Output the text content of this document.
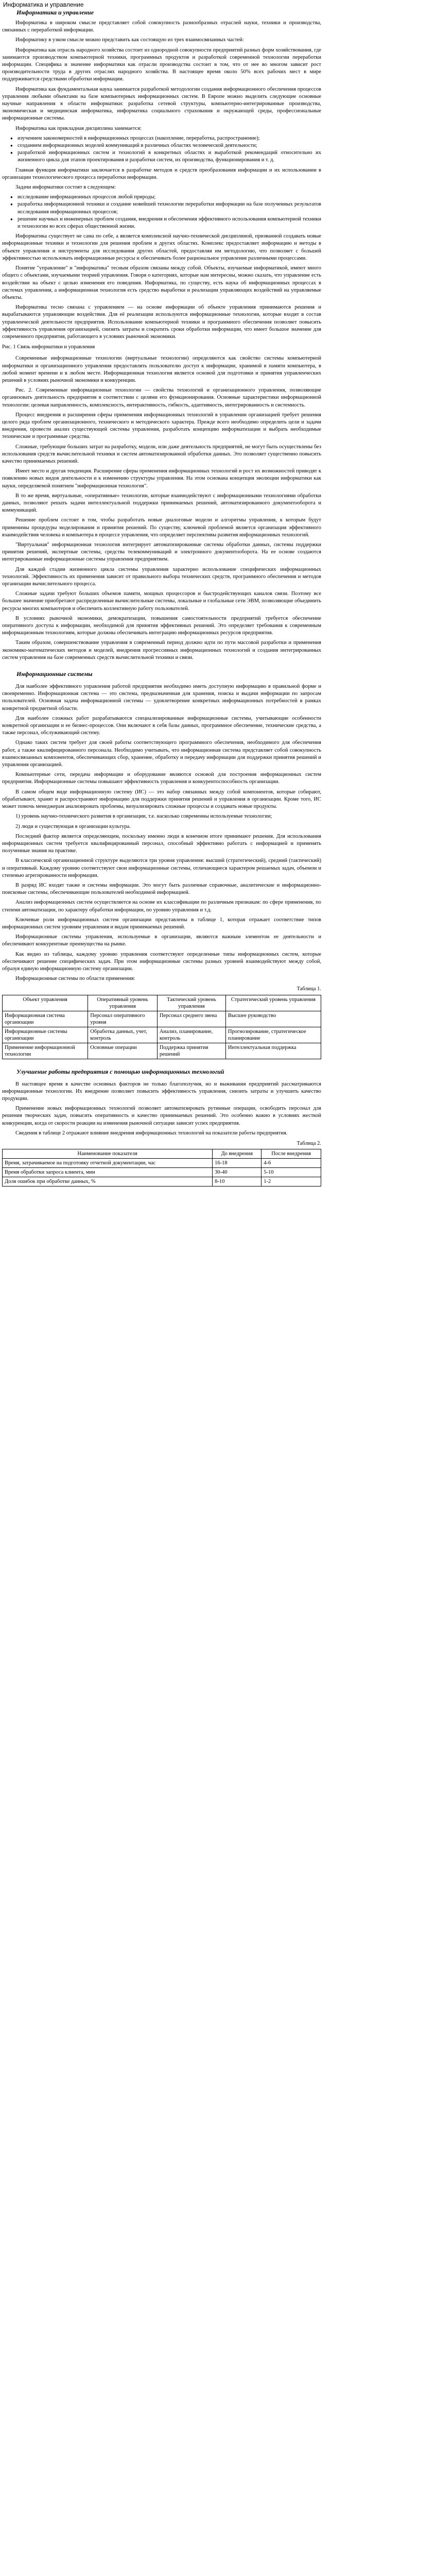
Информатика и управление
Информатика и управление

Информатика в широком смысле представляет собой совокупность разнообразных отраслей науки, техники и производства, связанных с переработкой информации.

Информатику в узком смысле можно представить как состоящую из трех взаимосвязанных частей:

Информатика как отрасль народного хозяйства состоит из однородной совокупности предприятий разных форм хозяйствования, где занимаются производством компьютерной техники, программных продуктов и разработкой современной технологии переработки информации. Специфика и значение информатики как отрасли производства состоит в том, что от нее во многом зависит рост производительности труда в других отраслях народного хозяйства. В настоящее время около 50% всех рабочих мест в мире поддерживается средствами обработки информации.

Информатика как фундаментальная наука занимается разработкой методологии создания информационного обеспечения процессов управления любыми объектами на базе компьютерных информационных систем. В Европе можно выделить следующие основные научные направления в области информатики: разработка сетевой структуры, компьютерно-интегрированные производства, экономическая и медицинская информатика, информатика социального страхования и окружающей среды, профессиональные информационные системы.

Информатика как прикладная дисциплина занимается:

● изучением закономерностей в информационных процессах (накопление, переработка, распространение);
● созданием информационных моделей коммуникаций в различных областях человеческой деятельности;
● разработкой информационных систем и технологий в конкретных областях и выработкой рекомендаций относительно их жизненного цикла для этапов проектирования и разработки систем, их производства, функционирования и т. д.

Главная функция информатики заключается в разработке методов и средств преобразования информации и их использовании в организации технологического процесса переработки информации.

Задачи информатики состоят в следующем:

● исследование информационных процессов любой природы;
● разработка информационной техники и создание новейшей технологии переработки информации на базе полученных результатов исследования информационных процессов;
● решение научных и инженерных проблем создания, внедрения и обеспечения эффективного использования компьютерной техники и технологии во всех сферах общественной жизни.

Информатика существует не сама по себе, а является комплексной научно-технической дисциплиной, призванной создавать новые информационные техники и технологии для решения проблем в других областях. Комплекс предоставляет информацию и методы в объекте управления и инструменты для исследования других областей, предоставляя им методологию, что позволяет с большей эффективностью использовать информационные ресурсы и обеспечивать более рациональное управление различными процессами.

Понятие "управление" и "информатика" тесным образом связаны между собой. Объекты, изучаемые информатикой, имеют много общего с объектами, изучаемыми теорией управления. Говоря о категориях, которые нам интересны, можно сказать, что управление есть воздействие на объект с целью изменения его поведения. Информатика, по существу, есть наука об информационных процессах в системах управления, а информационная технология есть средство выработки и реализации управляющих воздействий на управляемые объекты.

Информатика тесно связана с управлением — на основе информации об объекте управления принимаются решения и вырабатываются управляющие воздействия. Для её реализации используются информационные технологии, которые входят в состав управленческой деятельности предприятия. Использование компьютерной техники и программного обеспечения позволяет повысить эффективность управления организацией, снизить затраты и сократить сроки обработки информации, что имеет большое значение для современного предприятия, работающего в условиях рыночной экономики.

Рис. 1 Связь информатики и управления

Современные информационные технологии (виртуальные технологии) определяются как свойство системы компьютерной информатики и организационного управления предоставлять пользователю доступ к информации, хранимой в памяти компьютера, в любой момент времени и в любом месте. Информационная технология является основой для подготовки и принятия управленческих решений в условиях рыночной экономики и конкуренции.

Рис. 2. Современные информационные технологии — свойства технологий и организационного управления, позволяющие организовать деятельность предприятия в соответствии с целями его функционирования. Основные характеристики информационной технологии: целевая направленность, комплексность, интерактивность, гибкость, адаптивность, интегрированность и системность.

Процесс внедрения и расширения сферы применения информационных технологий в управлении организацией требует решения целого ряда проблем организационного, технического и методического характера. Прежде всего необходимо определить цели и задачи внедрения, провести анализ существующей системы управления, разработать концепцию информатизации и выбрать необходимые технические и программные средства.

Сложные, требующие больших затрат на разработку, модели, или даже деятельность предприятий, не могут быть осуществлены без использования средств вычислительной техники и систем автоматизированной обработки данных. Это позволяет существенно повысить качество принимаемых решений.

Имеет место и другая тенденция. Расширение сферы применения информационных технологий и рост их возможностей приводят к появлению новых видов деятельности и к изменению структуры управления. На этом основана концепция эволюции информатики как науки, определяемой понятием "информационная технология".

В то же время, виртуальные, «оперативные» технологии, которые взаимодействуют с информационными технологиями обработки данных, позволяют решать задачи интеллектуальной поддержки принимаемых решений, автоматизированного документооборота и коммуникаций.

Решение проблем состоит в том, чтобы разработать новые диалоговые модели и алгоритмы управления, к которым будут применимы процедуры моделирования и принятия решений. По существу, ключевой проблемой является организация эффективного взаимодействия человека и компьютера в процессе управления, что определяет перспективы развития информационных технологий.

"Виртуальная" информационная технология интегрирует автоматизированные системы обработки данных, системы поддержки принятия решений, экспертные системы, средства телекоммуникаций и электронного документооборота. На ее основе создаются интегрированные информационные системы управления предприятием.

Для каждой стадии жизненного цикла системы управления характерно использование специфических информационных технологий. Эффективность их применения зависит от правильного выбора технических средств, программного обеспечения и методов организации вычислительного процесса.

Сложные задачи требуют больших объемов памяти, мощных процессоров и быстродействующих каналов связи. Поэтому все большее значение приобретают распределенные вычислительные системы, локальные и глобальные сети ЭВМ, позволяющие объединить ресурсы многих компьютеров и обеспечить коллективную работу пользователей.

В условиях рыночной экономики, демократизации, повышения самостоятельности предприятий требуется обеспечение оперативного доступа к информации, необходимой для принятия эффективных решений. Это определяет требования к современным информационным технологиям, которые должны обеспечивать интеграцию информационных ресурсов предприятия.

Таким образом, совершенствование управления в современный период должно идти по пути массовой разработки и применения экономико-математических методов и моделей, внедрения прогрессивных информационных технологий и создания интегрированных систем управления на базе современных средств вычислительной техники и связи.

Информационные системы

Для наиболее эффективного управления работой предприятия необходимо иметь доступную информацию в правильной форме и своевременно. Информационная система — это система, предназначенная для хранения, поиска и выдачи информации по запросам пользователей. Основная задача информационной системы — удовлетворение конкретных информационных потребностей в рамках конкретной предметной области.

Для наиболее сложных работ разрабатываются специализированные информационные системы, учитывающие особенности конкретной организации и ее бизнес-процессов. Они включают в себя базы данных, программное обеспечение, технические средства, а также персонал, обслуживающий систему.

Однако таких систем требует для своей работы соответствующего программного обеспечения, необходимого для обеспечения работ, а также квалифицированного персонала. Необходимо учитывать, что информационная система представляет собой совокупность взаимосвязанных компонентов, обеспечивающих сбор, хранение, обработку и передачу информации для поддержки принятия решений и управления организацией.

Компьютерные сети, передача информации и оборудование являются основой для построения информационных систем предприятия. Информационные системы повышают эффективность управления и конкурентоспособность организации.

В самом общем виде информационную систему (ИС) — это набор связанных между собой компонентов, которые собирают, обрабатывают, хранят и распространяют информацию для поддержки принятия решений и управления в организации. Кроме того, ИС может помочь менеджерам анализировать проблемы, визуализировать сложные процессы и создавать новые продукты.

1) уровень научно-технического развития в организации, т.е. насколько современны используемые технологии;

2) люди и существующая в организации культура.

Последний фактор является определяющим, поскольку именно люди в конечном итоге принимают решения. Для использования информационных систем требуется квалифицированный персонал, способный эффективно работать с информацией и применять полученные знания на практике.

В классической организационной структуре выделяются три уровня управления: высший (стратегический), средний (тактический) и оперативный. Каждому уровню соответствуют свои информационные системы, отличающиеся характером решаемых задач, объемом и степенью агрегированности информации.

В разряд ИС входят также и системы информации. Это могут быть различные справочные, аналитические и информационно-поисковые системы, обеспечивающие пользователей необходимой информацией.

Анализ информационных систем осуществляется на основе их классификации по различным признакам: по сфере применения, по степени автоматизации, по характеру обработки информации, по уровню управления и т.д.

Ключевые роли информационных систем организации представлены в таблице 1, которая отражает соответствие типов информационных систем уровням управления и видам принимаемых решений.

Информационные системы управления, используемые в организации, являются важным элементом ее деятельности и обеспечивают конкурентные преимущества на рынке.

Как видно из таблицы, каждому уровню управления соответствуют определенные типы информационных систем, которые обеспечивают решение специфических задач. При этом информационные системы разных уровней взаимодействуют между собой, образуя единую информационную систему организации.

Информационные системы по области применения:

Таблица 1.

Объект управления	Оперативный уровень управления	Тактический уровень управления	Стратегический уровень управления
Информационная система организации	Персонал оперативного уровня	Персонал среднего звена	Высшее руководство
Информационные системы организации	Обработка данных, учет, контроль	Анализ, планирование, контроль	Прогнозирование, стратегическое планирование
Применение информационной технологии	Основные операции	Поддержка принятия решений	Интеллектуальная поддержка
Улучшение работы предприятия с помощью информационных технологий

В настоящее время в качестве основных факторов не только благополучия, но и выживания предприятий рассматриваются информационные технологии. Их внедрение позволяет повысить эффективность управления, снизить затраты и улучшить качество продукции.

Применение новых информационных технологий позволяет автоматизировать рутинные операции, освободить персонал для решения творческих задач, повысить оперативность и качество принимаемых решений. Это особенно важно в условиях жесткой конкуренции, когда от скорости реакции на изменения рыночной ситуации зависит успех предприятия.

Сведения в таблице 2 отражают влияние внедрения информационных технологий на показатели работы предприятия.

Таблица 2.

Наименование показателя	До внедрения	После внедрения
Время, затрачиваемое на подготовку отчетной документации, час	16-18	4-6
Время обработки запроса клиента, мин	30-40	5-10
Доля ошибок при обработке данных, %	8-10	1-2
